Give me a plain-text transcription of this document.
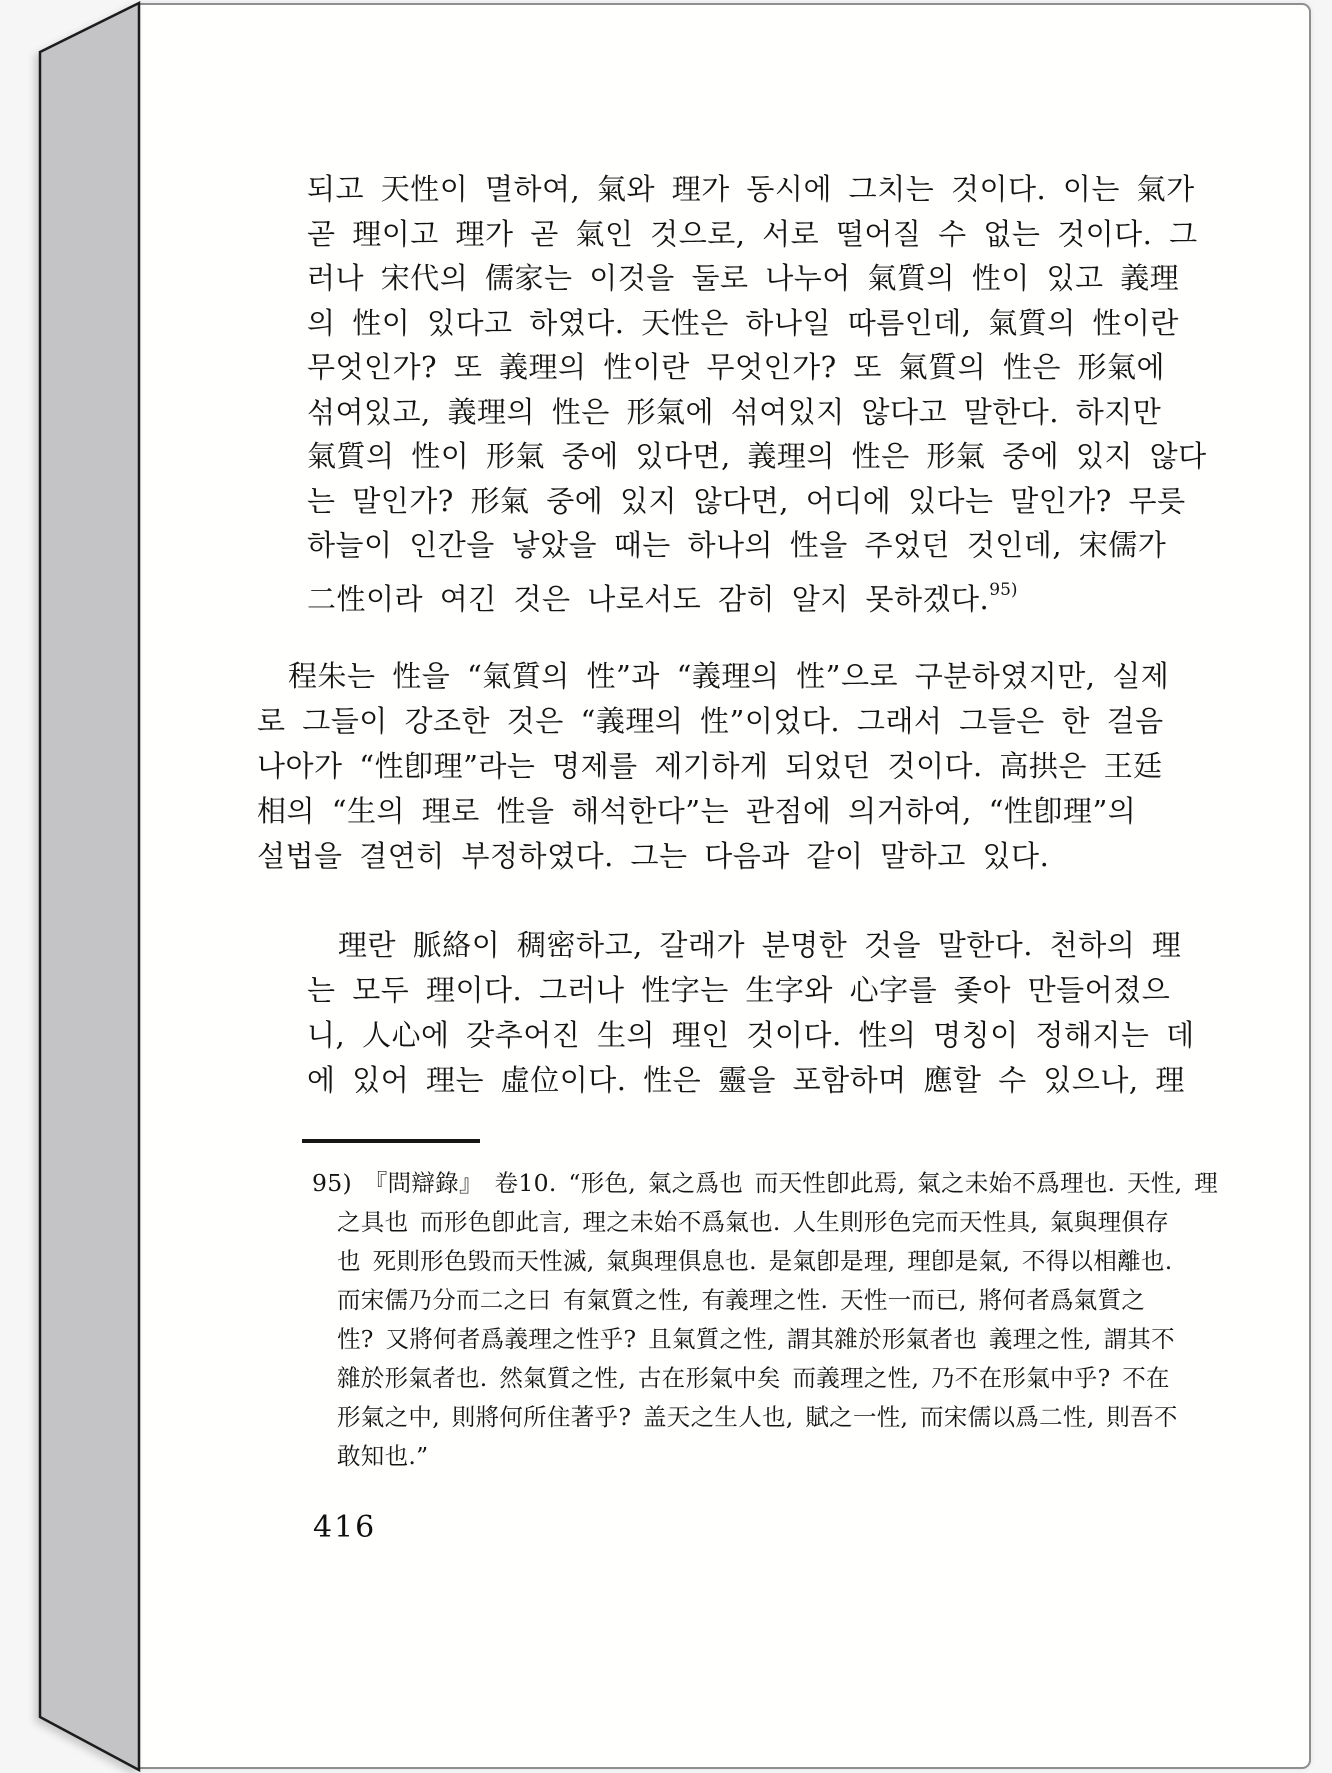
되고 天性이 멸하여, 氣와 理가 동시에 그치는 것이다. 이는 氣가
곧 理이고 理가 곧 氣인 것으로, 서로 떨어질 수 없는 것이다. 그
러나 宋代의 儒家는 이것을 둘로 나누어 氣質의 性이 있고 義理
의 性이 있다고 하였다. 天性은 하나일 따름인데, 氣質의 性이란
무엇인가? 또 義理의 性이란 무엇인가? 또 氣質의 性은 形氣에
섞여있고, 義理의 性은 形氣에 섞여있지 않다고 말한다. 하지만
氣質의 性이 形氣 중에 있다면, 義理의 性은 形氣 중에 있지 않다
는 말인가? 形氣 중에 있지 않다면, 어디에 있다는 말인가? 무릇
하늘이 인간을 낳았을 때는 하나의 性을 주었던 것인데, 宋儒가
二性이라 여긴 것은 나로서도 감히 알지 못하겠다.$^{95)}$
程朱는 性을 “氣質의 性”과 “義理의 性”으로 구분하였지만, 실제
로 그들이 강조한 것은 “義理의 性”이었다. 그래서 그들은 한 걸음
나아가 “性卽理”라는 명제를 제기하게 되었던 것이다. 高拱은 王廷
相의 “生의 理로 性을 해석한다”는 관점에 의거하여, “性卽理”의
설법을 결연히 부정하였다. 그는 다음과 같이 말하고 있다.
理란 脈絡이 稠密하고, 갈래가 분명한 것을 말한다. 천하의 理
는 모두 理이다. 그러나 性字는 生字와 心字를 좇아 만들어졌으
니, 人心에 갖추어진 生의 理인 것이다. 性의 명칭이 정해지는 데
에 있어 理는 虛位이다. 性은 靈을 포함하며 應할 수 있으나, 理
95) 『問辯錄』 卷10. “形色, 氣之爲也 而天性卽此焉, 氣之未始不爲理也. 天性, 理
之具也 而形色卽此言, 理之未始不爲氣也. 人生則形色完而天性具, 氣與理俱存
也 死則形色毁而天性滅, 氣與理俱息也. 是氣卽是理, 理卽是氣, 不得以相離也.
而宋儒乃分而二之曰 有氣質之性, 有義理之性. 天性一而已, 將何者爲氣質之
性? 又將何者爲義理之性乎? 且氣質之性, 謂其雜於形氣者也 義理之性, 謂其不
雜於形氣者也. 然氣質之性, 古在形氣中矣 而義理之性, 乃不在形氣中乎? 不在
形氣之中, 則將何所住著乎? 盖天之生人也, 賦之一性, 而宋儒以爲二性, 則吾不
敢知也.”
416
